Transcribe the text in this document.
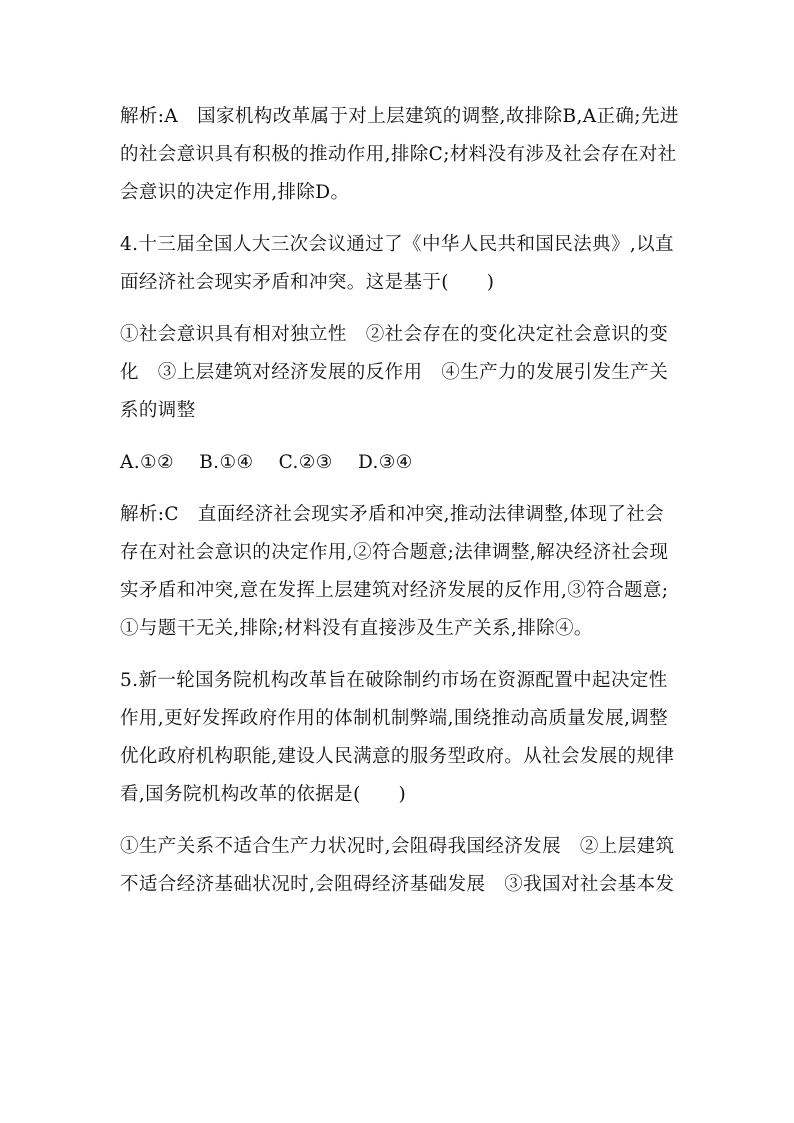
解析:A　国家机构改革属于对上层建筑的调整,故排除B,A正确;先进
的社会意识具有积极的推动作用,排除C;材料没有涉及社会存在对社
会意识的决定作用,排除D。
4.十三届全国人大三次会议通过了《中华人民共和国民法典》,以直
面经济社会现实矛盾和冲突。这是基于(　　)
①社会意识具有相对独立性　②社会存在的变化决定社会意识的变
化　③上层建筑对经济发展的反作用　④生产力的发展引发生产关
系的调整
A.①②　 B.①④　 C.②③　 D.③④
解析:C　直面经济社会现实矛盾和冲突,推动法律调整,体现了社会
存在对社会意识的决定作用,②符合题意;法律调整,解决经济社会现
实矛盾和冲突,意在发挥上层建筑对经济发展的反作用,③符合题意;
①与题干无关,排除;材料没有直接涉及生产关系,排除④。
5.新一轮国务院机构改革旨在破除制约市场在资源配置中起决定性
作用,更好发挥政府作用的体制机制弊端,围绕推动高质量发展,调整
优化政府机构职能,建设人民满意的服务型政府。从社会发展的规律
看,国务院机构改革的依据是(　　)
①生产关系不适合生产力状况时,会阻碍我国经济发展　②上层建筑
不适合经济基础状况时,会阻碍经济基础发展　③我国对社会基本发
